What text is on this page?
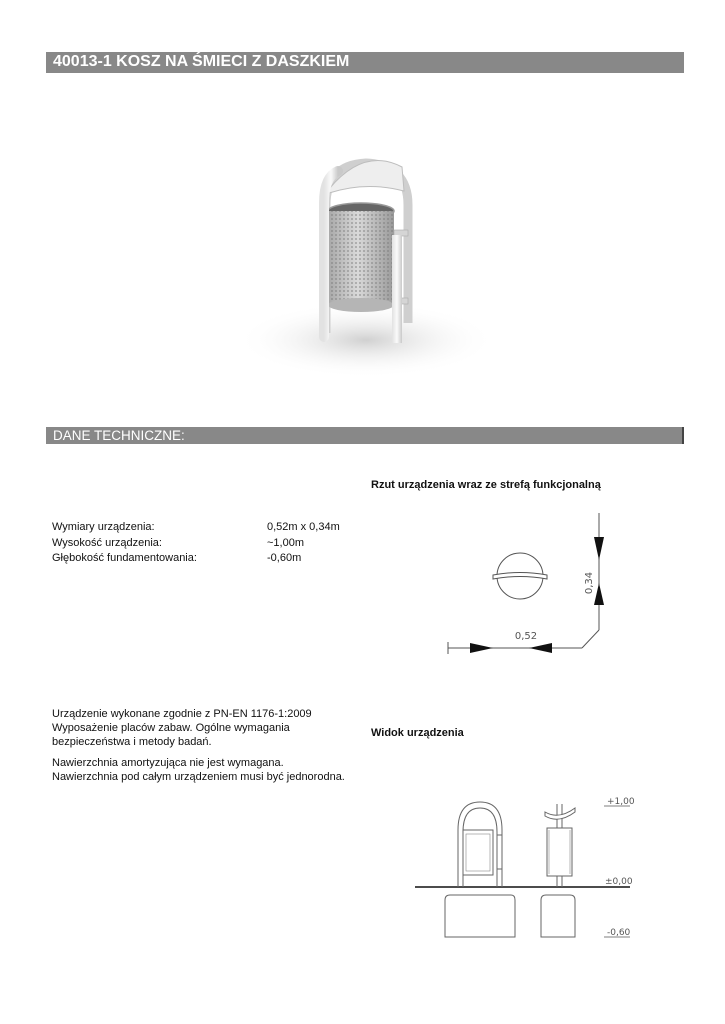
40013-1 KOSZ NA ŚMIECI Z DASZKIEM
DANE TECHNICZNE:
Wymiary urządzenia:	0,52m x 0,34m
Wysokość urządzenia:	~1,00m
Głębokość fundamentowania:	-0,60m
Urządzenie wykonane zgodnie z PN-EN 1176-1:2009
Wyposażenie placów zabaw. Ogólne wymagania
bezpieczeństwa i metody badań.
Nawierzchnia amortyzująca nie jest wymagana.
Nawierzchnia pod całym urządzeniem musi być jednorodna.
Rzut urządzenia wraz ze strefą funkcjonalną
0,34
0,52
Widok urządzenia
+1,00
±0,00
-0,60
